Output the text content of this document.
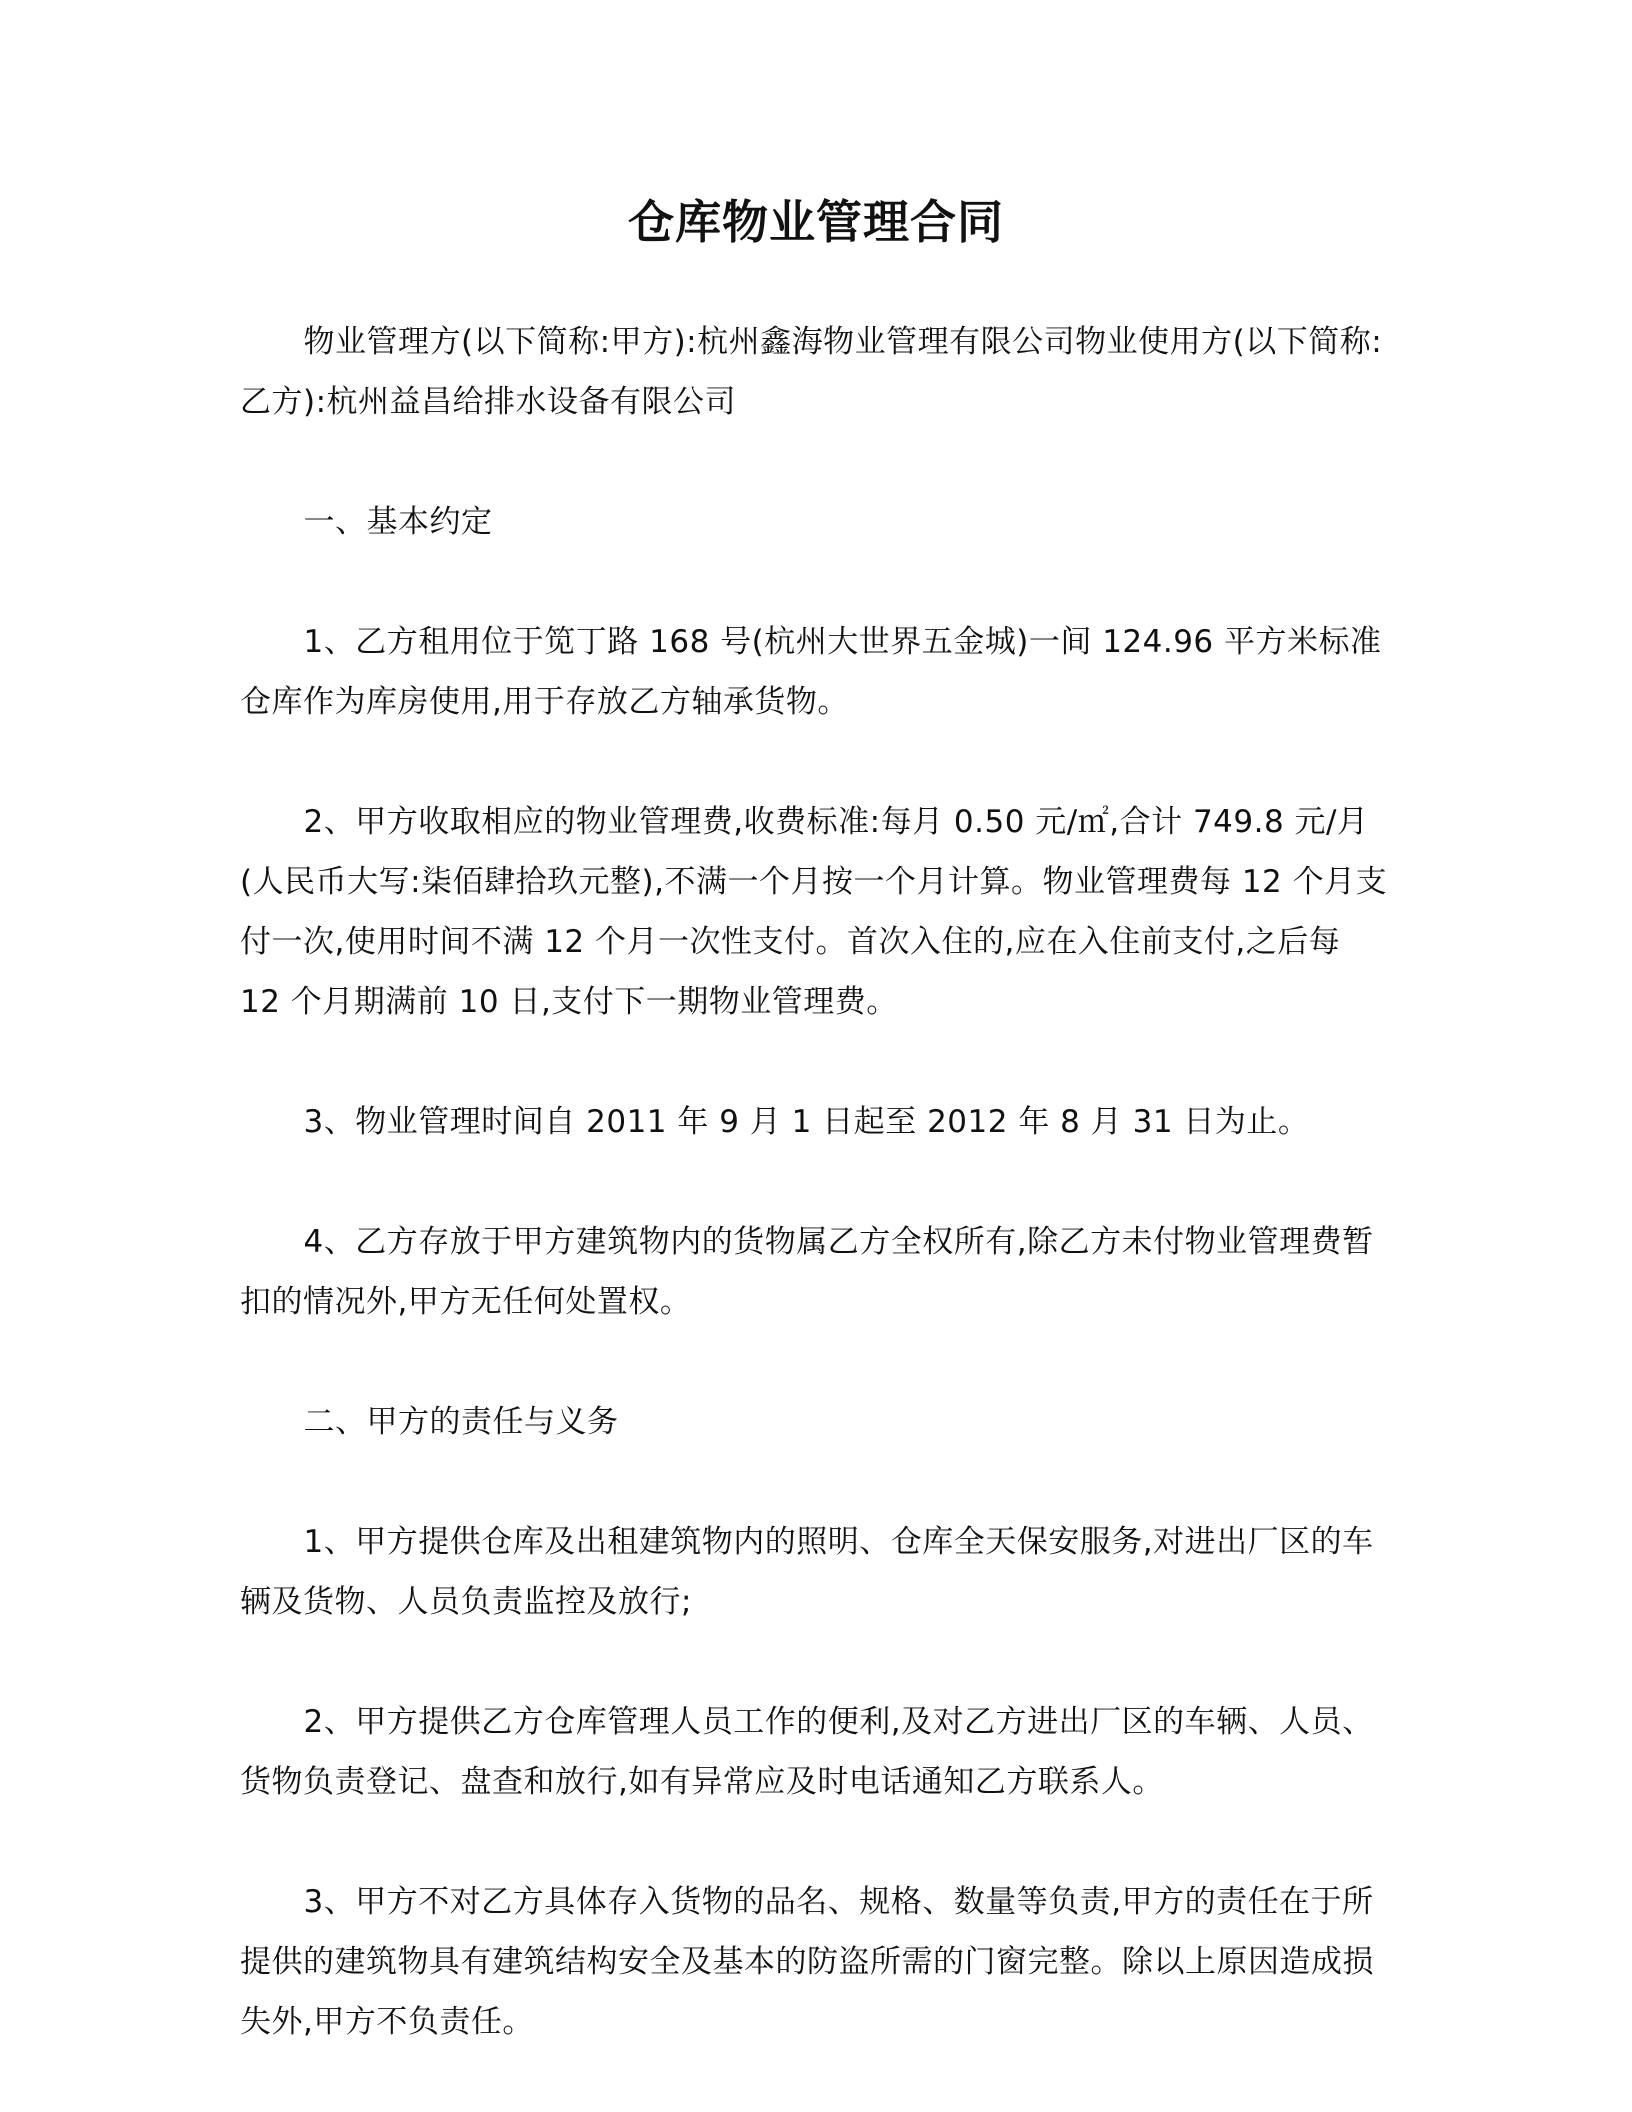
仓库物业管理合同

物业管理方(以下简称:甲方):杭州鑫海物业管理有限公司物业使用方(以下简称:乙方):杭州益昌给排水设备有限公司

一、基本约定

1、乙方租用位于笕丁路 168 号(杭州大世界五金城)一间 124.96 平方米标准仓库作为库房使用,用于存放乙方轴承货物。

2、甲方收取相应的物业管理费,收费标准:每月 0.50 元/㎡,合计 749.8 元/月(人民币大写:柒佰肆拾玖元整),不满一个月按一个月计算。物业管理费每 12 个月支付一次,使用时间不满 12 个月一次性支付。首次入住的,应在入住前支付,之后每 12 个月期满前 10 日,支付下一期物业管理费。

3、物业管理时间自 2011 年 9 月 1 日起至 2012 年 8 月 31 日为止。

4、乙方存放于甲方建筑物内的货物属乙方全权所有,除乙方未付物业管理费暂扣的情况外,甲方无任何处置权。

二、甲方的责任与义务

1、甲方提供仓库及出租建筑物内的照明、仓库全天保安服务,对进出厂区的车辆及货物、人员负责监控及放行;

2、甲方提供乙方仓库管理人员工作的便利,及对乙方进出厂区的车辆、人员、货物负责登记、盘查和放行,如有异常应及时电话通知乙方联系人。

3、甲方不对乙方具体存入货物的品名、规格、数量等负责,甲方的责任在于所提供的建筑物具有建筑结构安全及基本的防盗所需的门窗完整。除以上原因造成损失外,甲方不负责任。
